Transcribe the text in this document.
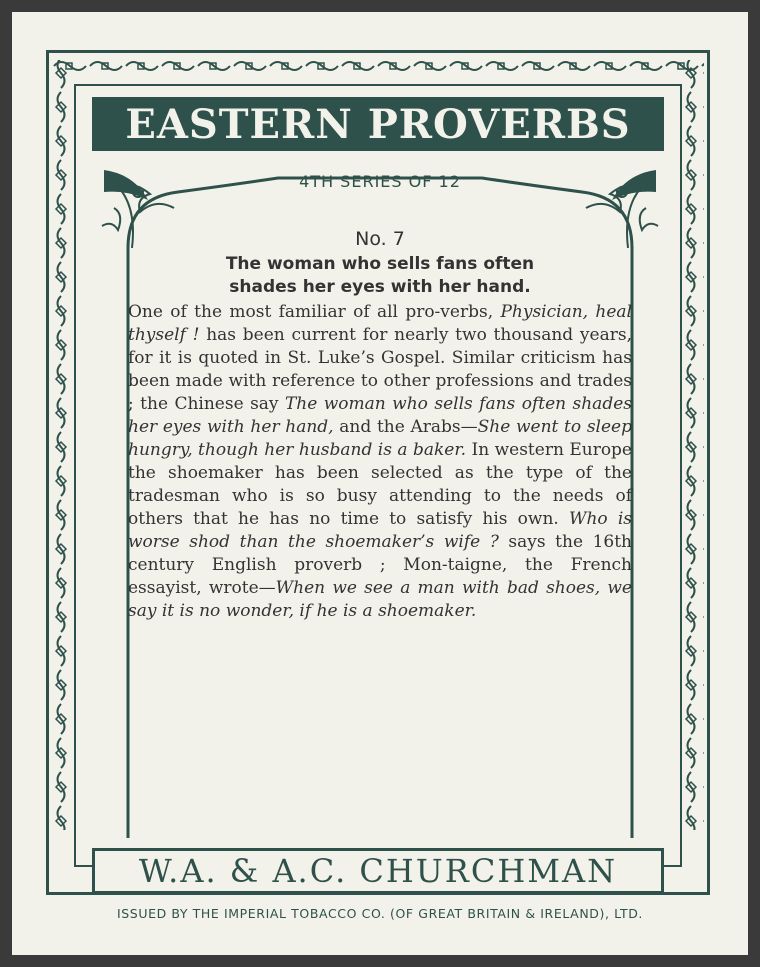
EASTERN PROVERBS
4TH SERIES OF 12
No. 7
The woman who sells fans often
shades her eyes with her hand.
One of the most familiar of all pro-verbs, Physician, heal thyself ! has been current for nearly two thousand years, for it is quoted in St. Luke’s Gospel. Similar criticism has been made with reference to other professions and trades ; the Chinese say The woman who sells fans often shades her eyes with her hand, and the Arabs—She went to sleep hungry, though her husband is a baker. In western Europe the shoemaker has been selected as the type of the tradesman who is so busy attending to the needs of others that he has no time to satisfy his own. Who is worse shod than the shoemaker’s wife ? says the 16th century English proverb ; Mon-taigne, the French essayist, wrote—When we see a man with bad shoes, we say it is no wonder, if he is a shoemaker.
W.A. & A.C. CHURCHMAN
ISSUED BY THE IMPERIAL TOBACCO CO. (OF GREAT BRITAIN & IRELAND), LTD.
